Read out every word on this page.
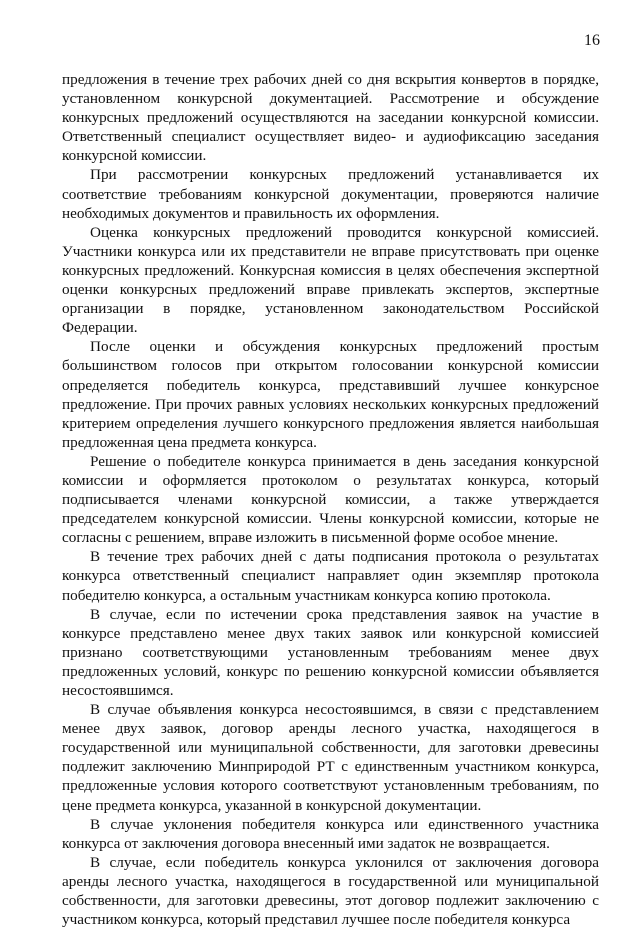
16

предложения в течение трех рабочих дней со дня вскрытия конвертов в порядке, установленном конкурсной документацией. Рассмотрение и обсуждение конкурсных предложений осуществляются на заседании конкурсной комиссии. Ответственный специалист осуществляет видео- и аудиофиксацию заседания конкурсной комиссии.

При рассмотрении конкурсных предложений устанавливается их соответствие требованиям конкурсной документации, проверяются наличие необходимых документов и правильность их оформления.

Оценка конкурсных предложений проводится конкурсной комиссией. Участники конкурса или их представители не вправе присутствовать при оценке конкурсных предложений. Конкурсная комиссия в целях обеспечения экспертной оценки конкурсных предложений вправе привлекать экспертов, экспертные организации в порядке, установленном законодательством Российской Федерации.

После оценки и обсуждения конкурсных предложений простым большинством голосов при открытом голосовании конкурсной комиссии определяется победитель конкурса, представивший лучшее конкурсное предложение. При прочих равных условиях нескольких конкурсных предложений критерием определения лучшего конкурсного предложения является наибольшая предложенная цена предмета конкурса.

Решение о победителе конкурса принимается в день заседания конкурсной комиссии и оформляется протоколом о результатах конкурса, который подписывается членами конкурсной комиссии, а также утверждается председателем конкурсной комиссии. Члены конкурсной комиссии, которые не согласны с решением, вправе изложить в письменной форме особое мнение.

В течение трех рабочих дней с даты подписания протокола о результатах конкурса ответственный специалист направляет один экземпляр протокола победителю конкурса, а остальным участникам конкурса копию протокола.

В случае, если по истечении срока представления заявок на участие в конкурсе представлено менее двух таких заявок или конкурсной комиссией признано соответствующими установленным требованиям менее двух предложенных условий, конкурс по решению конкурсной комиссии объявляется несостоявшимся.

В случае объявления конкурса несостоявшимся, в связи с представлением менее двух заявок, договор аренды лесного участка, находящегося в государственной или муниципальной собственности, для заготовки древесины подлежит заключению Минприродой РТ с единственным участником конкурса, предложенные условия которого соответствуют установленным требованиям, по цене предмета конкурса, указанной в конкурсной документации.

В случае уклонения победителя конкурса или единственного участника конкурса от заключения договора внесенный ими задаток не возвращается.

В случае, если победитель конкурса уклонился от заключения договора аренды лесного участка, находящегося в государственной или муниципальной собственности, для заготовки древесины, этот договор подлежит заключению с участником конкурса, который представил лучшее после победителя конкурса
